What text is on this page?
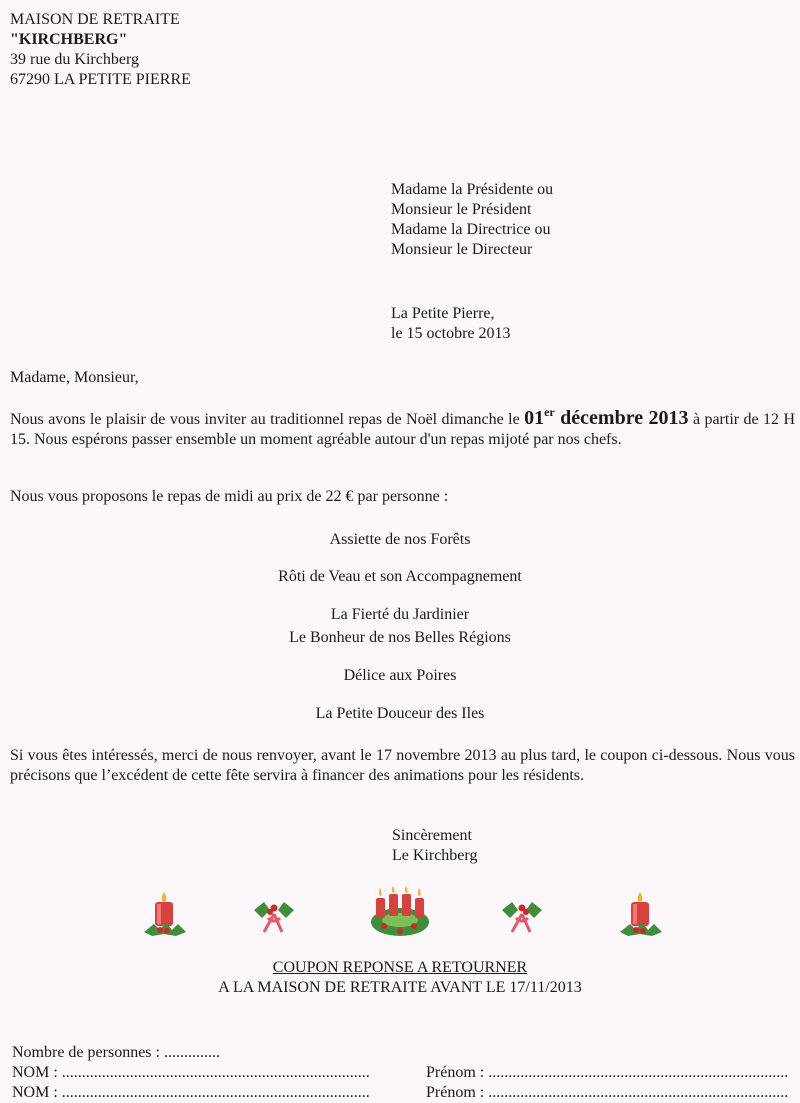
MAISON DE RETRAITE
"KIRCHBERG"
39 rue du Kirchberg
67290 LA PETITE PIERRE
Madame la Présidente ou
Monsieur le Président
Madame la Directrice ou
Monsieur le Directeur
La Petite Pierre,
le 15 octobre 2013
Madame, Monsieur,
Nous avons le plaisir de vous inviter au traditionnel repas de Noël dimanche le 01er décembre 2013 à partir de 12 H 15. Nous espérons passer ensemble un moment agréable autour d'un repas mijoté par nos chefs.
Nous vous proposons le repas de midi au prix de 22 € par personne :
Assiette de nos Forêts
Rôti de Veau et son Accompagnement
La Fierté du Jardinier
Le Bonheur de nos Belles Régions
Délice aux Poires
La Petite Douceur des Iles
Si vous êtes intéressés, merci de nous renvoyer, avant le 17 novembre 2013 au plus tard, le coupon ci-dessous. Nous vous précisons que l’excédent de cette fête servira à financer des animations pour les résidents.
Sincèrement
Le Kirchberg
COUPON REPONSE A RETOURNER
A LA MAISON DE RETRAITE AVANT LE 17/11/2013
Nombre de personnes : ..............
NOM : .............................................................................	Prénom : ...........................................................................
NOM : .............................................................................	Prénom : ...........................................................................
